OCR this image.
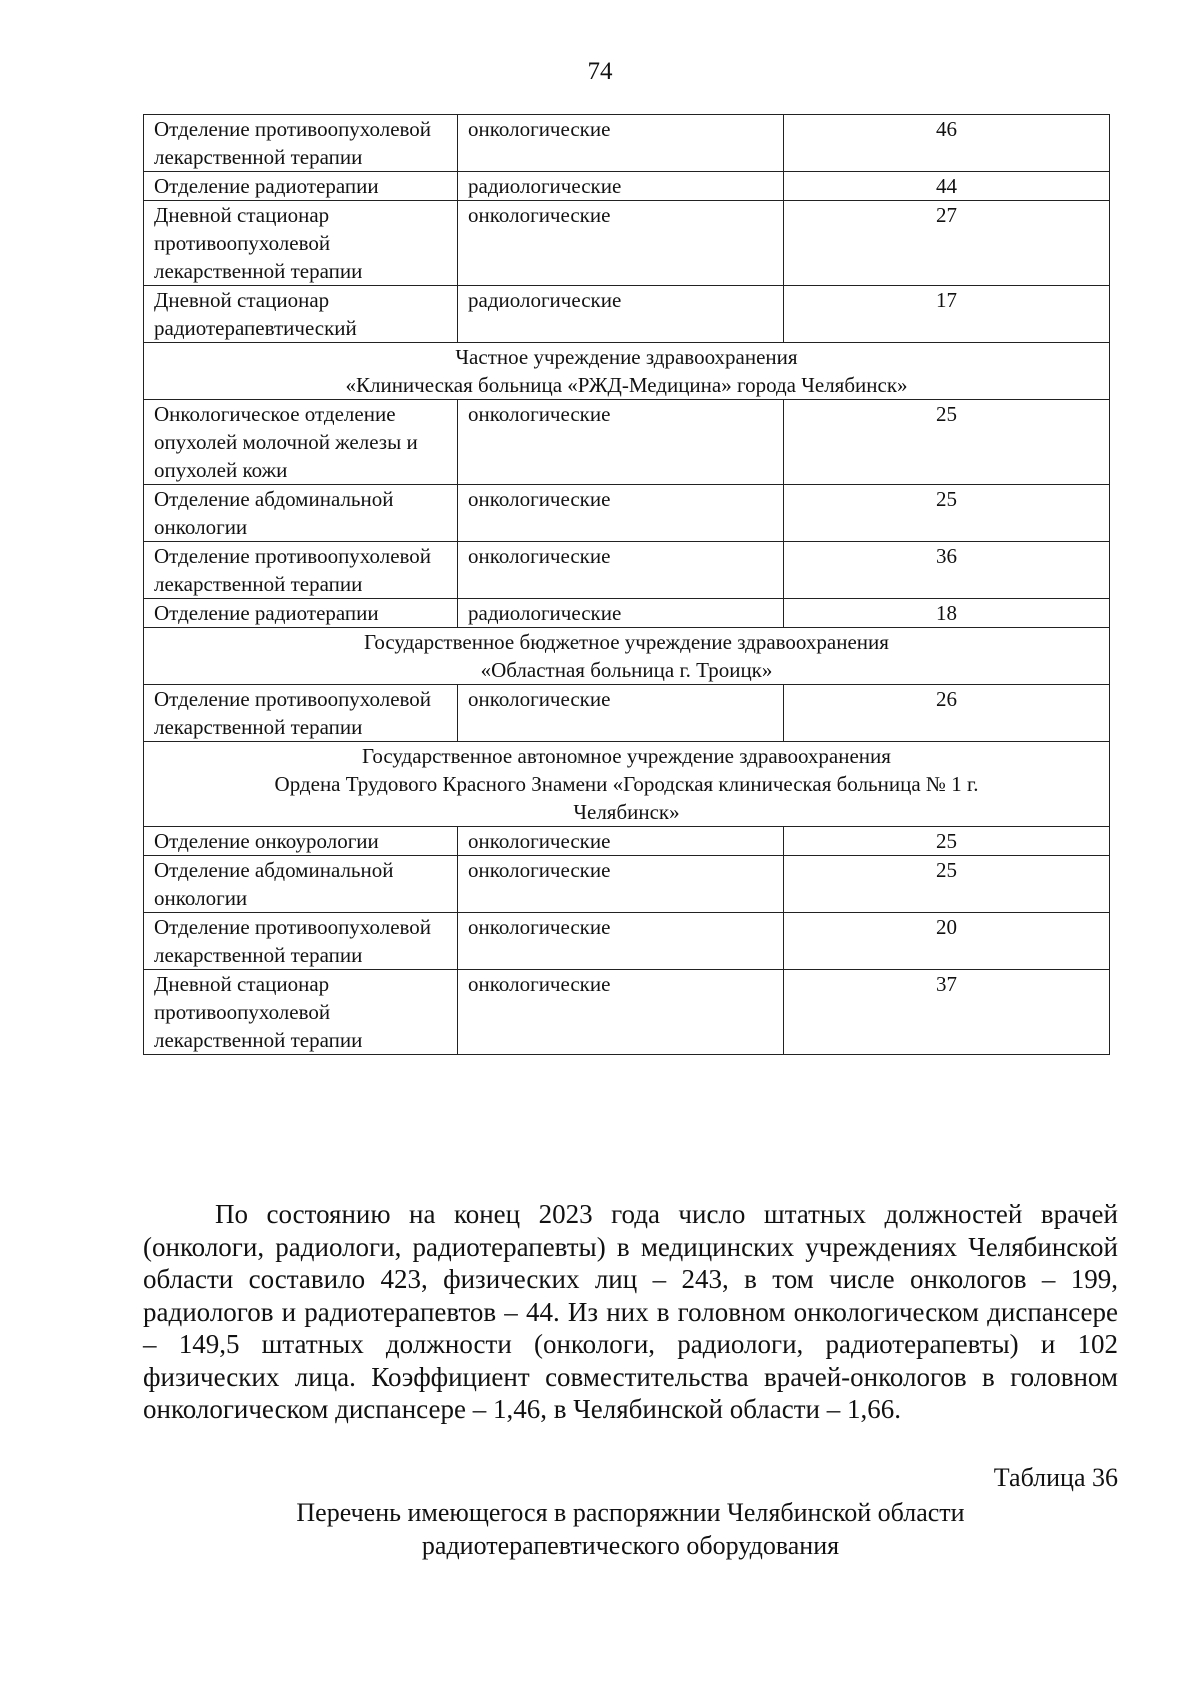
74
Отделение противоопухолевой лекарственной терапии	онкологические	46
Отделение радиотерапии	радиологические	44
Дневной стационар противоопухолевой лекарственной терапии	онкологические	27
Дневной стационар радиотерапевтический	радиологические	17

Частное учреждение здравоохранения
«Клиническая больница «РЖД-Медицина» города Челябинск»		

Онкологическое отделение опухолей молочной железы и опухолей кожи	онкологические	25
Отделение абдоминальной онкологии	онкологические	25
Отделение противоопухолевой лекарственной терапии	онкологические	36
Отделение радиотерапии	радиологические	18

Государственное бюджетное учреждение здравоохранения
«Областная больница г. Троицк»		

Отделение противоопухолевой лекарственной терапии	онкологические	26

Государственное автономное учреждение здравоохранения
Ордена Трудового Красного Знамени «Городская клиническая больница № 1 г.
Челябинск»		

Отделение онкоурологии	онкологические	25
Отделение абдоминальной онкологии	онкологические	25
Отделение противоопухолевой лекарственной терапии	онкологические	20
Дневной стационар противоопухолевой лекарственной терапии	онкологические	37

По состоянию на конец 2023 года число штатных должностей врачей (онкологи, радиологи, радиотерапевты) в медицинских учреждениях Челябинской области составило 423, физических лиц – 243, в том числе онкологов – 199, радиологов и радиотерапевтов – 44. Из них в головном онкологическом диспансере – 149,5 штатных должности (онкологи, радиологи, радиотерапевты) и 102 физических лица. Коэффициент совместительства врачей-онкологов в головном онкологическом диспансере – 1,46, в Челябинской области – 1,66.

Таблица 36
Перечень имеющегося в распоряжнии Челябинской области
радиотерапевтического оборудования
